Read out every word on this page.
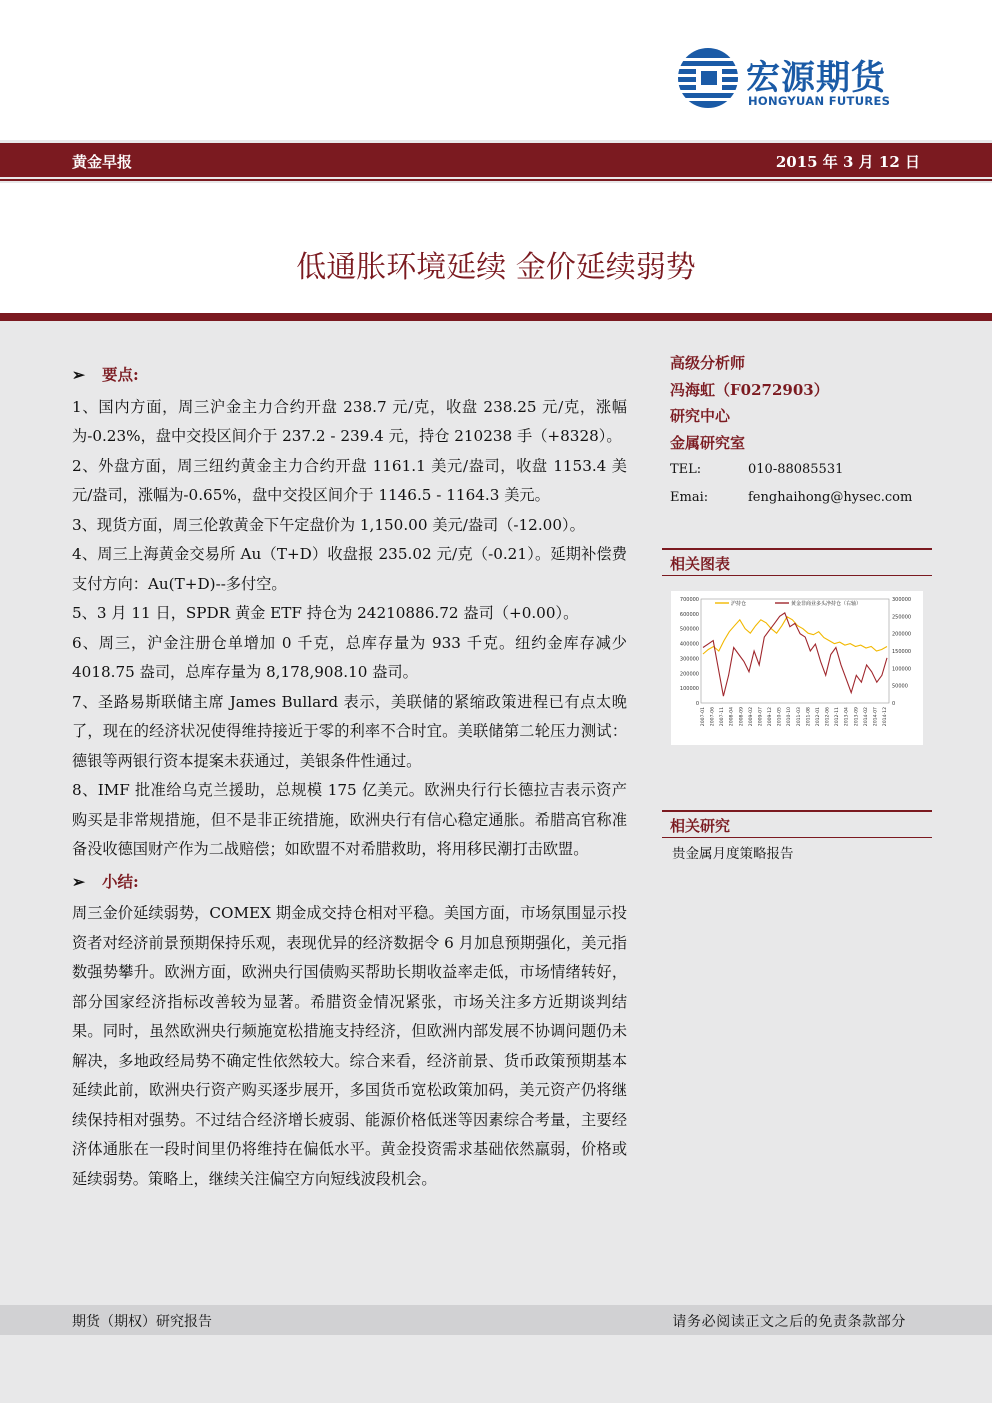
宏源期货
HONGYUAN FUTURES
黄金早报	2015 年 3 月 12 日
低通胀环境延续 金价延续弱势
➢ 要点:

1、国内方面，周三沪金主力合约开盘 238.7 元/克，收盘 238.25 元/克，涨幅为-0.23%，盘中交投区间介于 237.2 - 239.4 元，持仓 210238 手（+8328）。

2、外盘方面，周三纽约黄金主力合约开盘 1161.1 美元/盎司，收盘 1153.4 美元/盎司，涨幅为-0.65%，盘中交投区间介于 1146.5 - 1164.3 美元。

3、现货方面，周三伦敦黄金下午定盘价为 1,150.00 美元/盎司（-12.00）。

4、周三上海黄金交易所 Au（T+D）收盘报 235.02 元/克（-0.21）。延期补偿费支付方向：Au(T+D)--多付空。

5、3 月 11 日，SPDR 黄金 ETF 持仓为 24210886.72 盎司（+0.00）。

6、周三，沪金注册仓单增加 0 千克，总库存量为 933 千克。纽约金库存减少 4018.75 盎司，总库存量为 8,178,908.10 盎司。

7、圣路易斯联储主席 James Bullard 表示，美联储的紧缩政策进程已有点太晚了，现在的经济状况使得维持接近于零的利率不合时宜。美联储第二轮压力测试：德银等两银行资本提案未获通过，美银条件性通过。

8、IMF 批准给乌克兰援助，总规模 175 亿美元。欧洲央行行长德拉吉表示资产购买是非常规措施，但不是非正统措施，欧洲央行有信心稳定通胀。希腊高官称准备没收德国财产作为二战赔偿；如欧盟不对希腊救助，将用移民潮打击欧盟。

➢ 小结:

周三金价延续弱势，COMEX 期金成交持仓相对平稳。美国方面，市场氛围显示投资者对经济前景预期保持乐观，表现优异的经济数据令 6 月加息预期强化，美元指数强势攀升。欧洲方面，欧洲央行国债购买帮助长期收益率走低，市场情绪转好，部分国家经济指标改善较为显著。希腊资金情况紧张，市场关注多方近期谈判结果。同时，虽然欧洲央行频施宽松措施支持经济，但欧洲内部发展不协调问题仍未解决，多地政经局势不确定性依然较大。综合来看，经济前景、货币政策预期基本延续此前，欧洲央行资产购买逐步展开，多国货币宽松政策加码，美元资产仍将继续保持相对强势。不过结合经济增长疲弱、能源价格低迷等因素综合考量，主要经济体通胀在一段时间里仍将维持在偏低水平。黄金投资需求基础依然羸弱，价格或延续弱势。策略上，继续关注偏空方向短线波段机会。

高级分析师
冯海虹（F0272903）
研究中心
金属研究室
TEL:	010-88085531
Emai:	fenghaihong@hysec.com
相关图表
700000
600000
500000
400000
300000
200000
100000
0
300000
250000
200000
150000
100000
50000
0
2007-01 2007-06 2007-11 2008-04 2008-09 2009-02 2009-07 2009-12 2010-05 2010-10 2011-03 2011-08 2012-01 2012-06 2012-11 2013-04 2013-09 2014-02 2014-07 2014-12
沪持仓	黄金非商业多头净持仓（右轴）
相关研究
贵金属月度策略报告
期货（期权）研究报告	请务必阅读正文之后的免责条款部分
